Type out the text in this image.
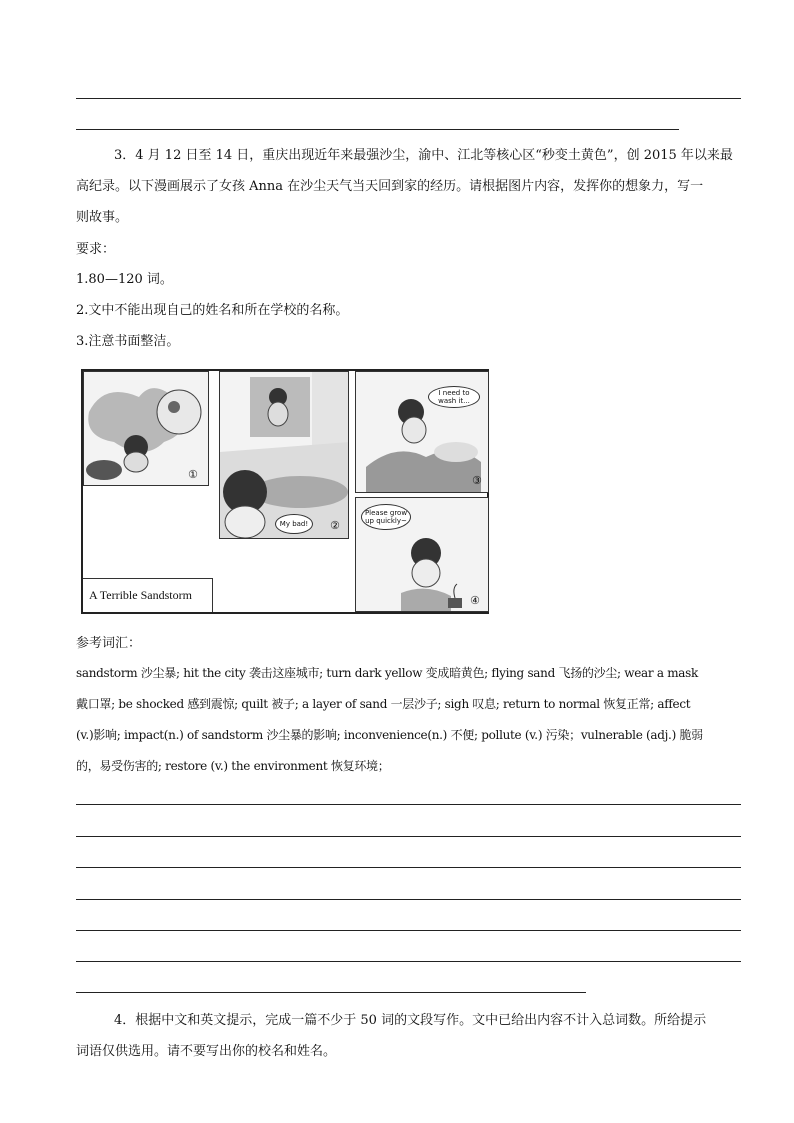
3．4 月 12 日至 14 日，重庆出现近年来最强沙尘，渝中、江北等核心区“秒变土黄色”，创 2015 年以来最

高纪录。以下漫画展示了女孩 Anna 在沙尘天气当天回到家的经历。请根据图片内容，发挥你的想象力，写一

则故事。

要求：

1.80—120 词。

2.文中不能出现自己的姓名和所在学校的名称。

3.注意书面整洁。

①
My bad!	②
I need to wash it...
③
Please grow up quickly~
④
A Terrible Sandstorm

参考词汇：

sandstorm 沙尘暴; hit the city 袭击这座城市; turn dark yellow 变成暗黄色; flying sand 飞扬的沙尘; wear a mask

戴口罩; be shocked 感到震惊; quilt 被子; a layer of sand 一层沙子; sigh 叹息; return to normal 恢复正常; affect

(v.)影响; impact(n.) of sandstorm 沙尘暴的影响; inconvenience(n.) 不便; pollute (v.) 污染；vulnerable (adj.) 脆弱

的，易受伤害的; restore (v.) the environment 恢复环境；

4．根据中文和英文提示，完成一篇不少于 50 词的文段写作。文中已给出内容不计入总词数。所给提示

词语仅供选用。请不要写出你的校名和姓名。
